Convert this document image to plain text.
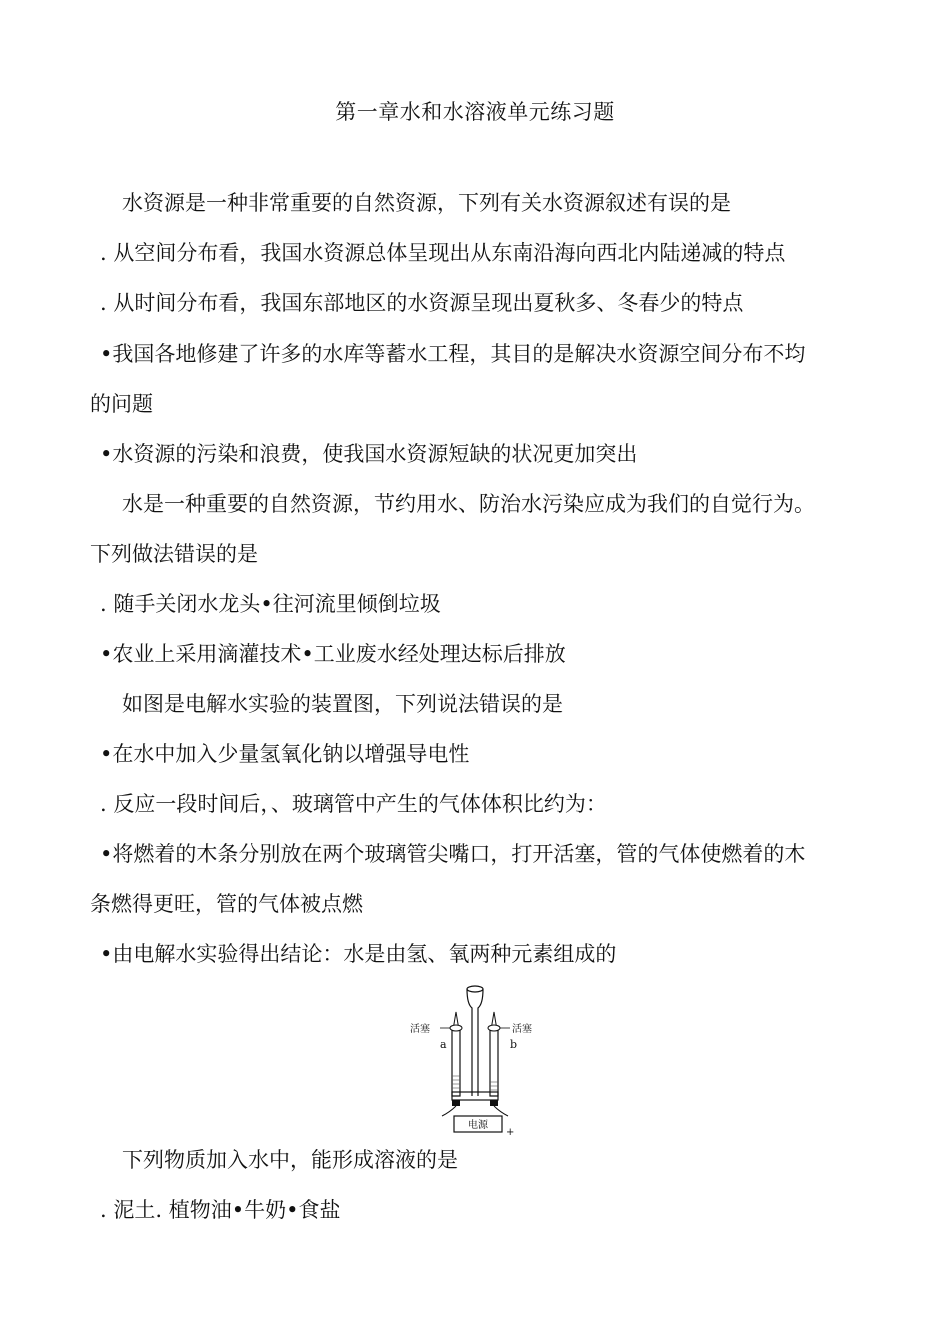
第一章水和水溶液单元练习题
水资源是一种非常重要的自然资源，下列有关水资源叙述有误的是
. 从空间分布看，我国水资源总体呈现出从东南沿海向西北内陆递减的特点
. 从时间分布看，我国东部地区的水资源呈现出夏秋多、冬春少的特点
•我国各地修建了许多的水库等蓄水工程，其目的是解决水资源空间分布不均
的问题
•水资源的污染和浪费，使我国水资源短缺的状况更加突出
水是一种重要的自然资源，节约用水、防治水污染应成为我们的自觉行为。
下列做法错误的是
. 随手关闭水龙头•往河流里倾倒垃圾
•农业上采用滴灌技术•工业废水经处理达标后排放
如图是电解水实验的装置图，下列说法错误的是
•在水中加入少量氢氧化钠以增强导电性
. 反应一段时间后，、玻璃管中产生的气体体积比约为：
•将燃着的木条分别放在两个玻璃管尖嘴口，打开活塞，管的气体使燃着的木
条燃得更旺，管的气体被点燃
•由电解水实验得出结论：水是由氢、氧两种元素组成的
电源
+
活塞	活塞
a	b
下列物质加入水中，能形成溶液的是
. 泥土. 植物油•牛奶•食盐
